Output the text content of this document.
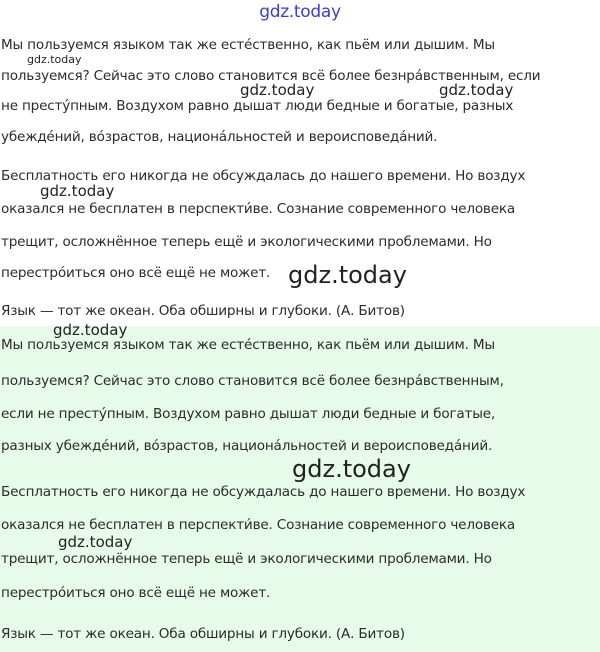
gdz.today
Мы пользуемся языком так же есте́ственно, как пьём или дышим. Мы
пользуемся? Сейчас это слово становится всё более безнра́вственным, если
не престу́пным. Воздухом равно дышат люди бедные и богатые, разных
убежде́ний, во́зрастов, национа́льностей и вероисповеда́ний.
Бесплатность его никогда не обсуждалась до нашего времени. Но воздух
оказался не бесплатен в перспекти́ве. Сознание современного человека
трещит, осложнённое теперь ещё и экологическими проблемами. Но
перестро́иться оно всё ещё не может.
Язык — тот же океан. Оба обширны и глубоки. (А. Битов)
Мы пользуемся языком так же есте́ственно, как пьём или дышим. Мы
пользуемся? Сейчас это слово становится всё более безнра́вственным,
если не престу́пным. Воздухом равно дышат люди бедные и богатые,
разных убежде́ний, во́зрастов, национа́льностей и вероисповеда́ний.
Бесплатность его никогда не обсуждалась до нашего времени. Но воздух
оказался не бесплатен в перспекти́ве. Сознание современного человека
трещит, осложнённое теперь ещё и экологическими проблемами. Но
перестро́иться оно всё ещё не может.
Язык — тот же океан. Оба обширны и глубоки. (А. Битов)
gdz.today
gdz.today	gdz.today
gdz.today
gdz.today
gdz.today
gdz.today
gdz.today
